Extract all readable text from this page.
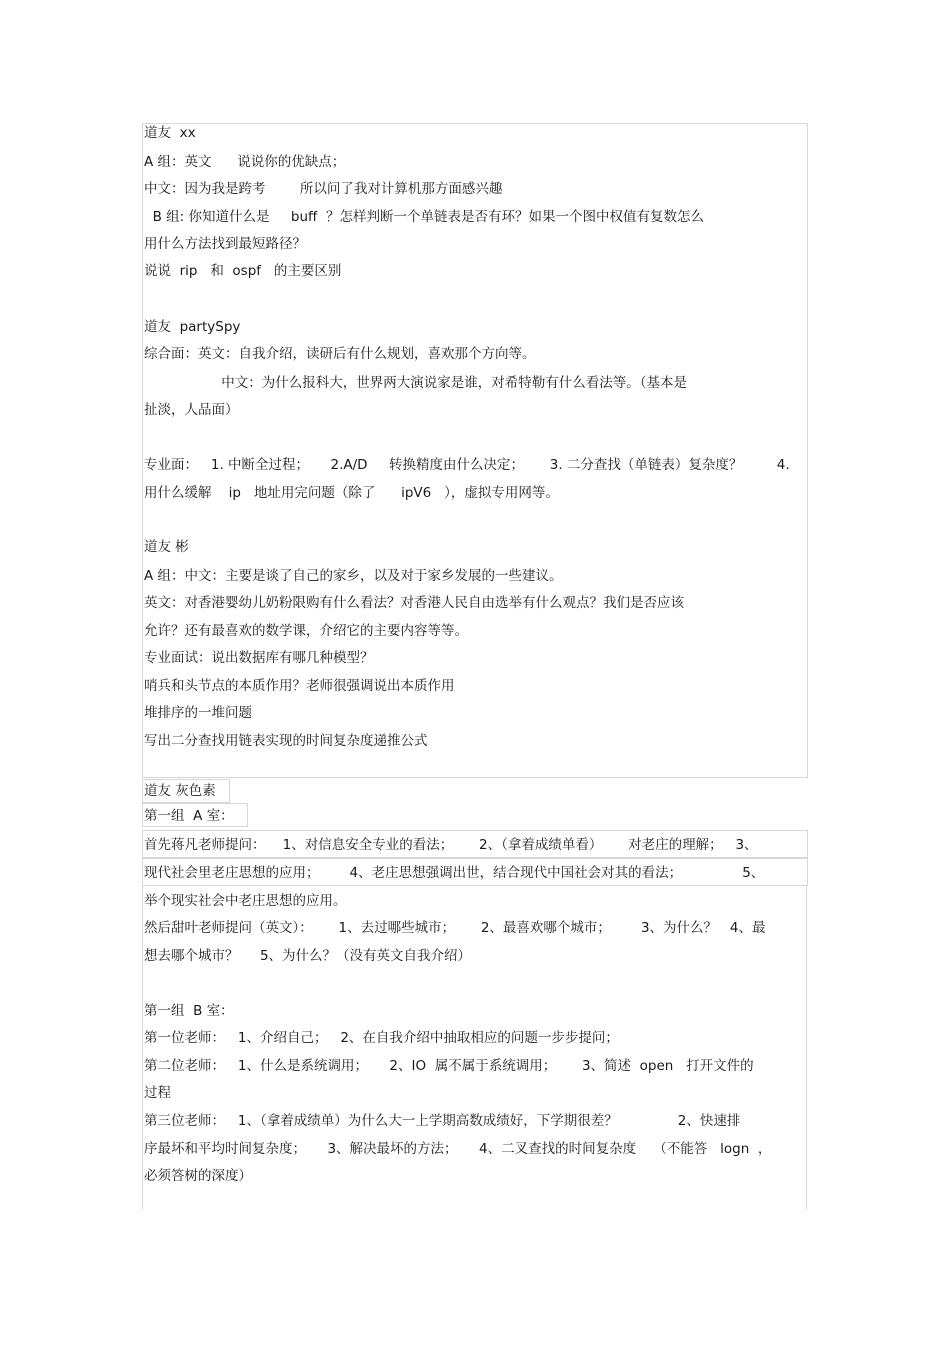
道友  xx
A 组：英文      说说你的优缺点；
中文：因为我是跨考        所以问了我对计算机那方面感兴趣
B 组: 你知道什么是     buff  ？怎样判断一个单链表是否有环？如果一个图中权值有复数怎么
用什么方法找到最短路径？
说说  rip   和  ospf   的主要区别
道友  partySpy
综合面：英文：自我介绍，读研后有什么规划，喜欢那个方向等。
中文：为什么报科大，世界两大演说家是谁，对希特勒有什么看法等。（基本是
扯淡，人品面）
专业面：   1. 中断全过程；     2.A/D     转换精度由什么决定；      3. 二分查找（单链表）复杂度？        4.
用什么缓解    ip   地址用完问题（除了      ipV6   ），虚拟专用网等。
道友 彬
A 组：中文：主要是谈了自己的家乡，以及对于家乡发展的一些建议。
英文：对香港婴幼儿奶粉限购有什么看法？对香港人民自由选举有什么观点？我们是否应该
允许？还有最喜欢的数学课，介绍它的主要内容等等。
专业面试：说出数据库有哪几种模型？
哨兵和头节点的本质作用？老师很强调说出本质作用
堆排序的一堆问题
写出二分查找用链表实现的时间复杂度递推公式
道友 灰色素
第一组  A 室：
首先蒋凡老师提问：    1、对信息安全专业的看法；      2、（拿着成绩单看）      对老庄的理解；   3、
现代社会里老庄思想的应用；       4、老庄思想强调出世，结合现代中国社会对其的看法；              5、
举个现实社会中老庄思想的应用。
然后甜叶老师提问（英文）：      1、去过哪些城市；      2、最喜欢哪个城市；       3、为什么？   4、最
想去哪个城市？     5、为什么？（没有英文自我介绍）
第一组  B 室：
第一位老师：   1、介绍自己；   2、在自我介绍中抽取相应的问题一步步提问；
第二位老师：   1、什么是系统调用；     2、IO  属不属于系统调用；      3、简述  open   打开文件的
过程
第三位老师：   1、（拿着成绩单）为什么大一上学期高数成绩好，下学期很差？              2、快速排
序最坏和平均时间复杂度；     3、解决最坏的方法；     4、二叉查找的时间复杂度    （不能答   logn  ，
必须答树的深度）
